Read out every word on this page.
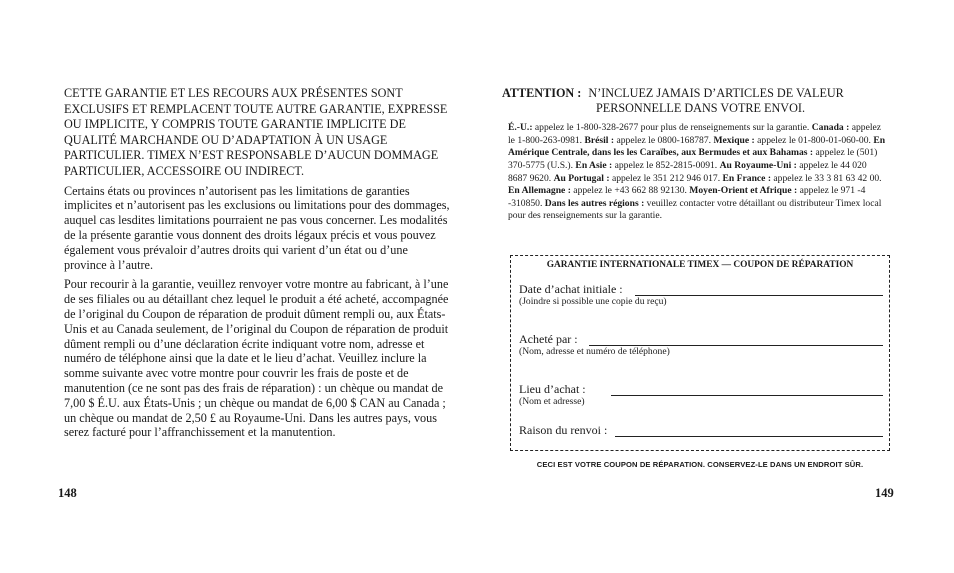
CETTE GARANTIE ET LES RECOURS AUX PRÉSENTES SONT EXCLUSIFS ET REMPLACENT TOUTE AUTRE GARANTIE, EXPRESSE OU IMPLICITE, Y COMPRIS TOUTE GARANTIE IMPLICITE DE QUALITÉ MARCHANDE OU D’ADAPTATION À UN USAGE PARTICULIER. TIMEX N’EST RESPONSABLE D’AUCUN DOMMAGE PARTICULIER, ACCESSOIRE OU INDIRECT.

Certains états ou provinces n’autorisent pas les limitations de garanties implicites et n’autorisent pas les exclusions ou limitations pour des dommages, auquel cas lesdites limitations pourraient ne pas vous concerner. Les modalités de la présente garantie vous donnent des droits légaux précis et vous pouvez également vous prévaloir d’autres droits qui varient d’un état ou d’une province à l’autre.

Pour recourir à la garantie, veuillez renvoyer votre montre au fabricant, à l’une de ses filiales ou au détaillant chez lequel le produit a été acheté, accompagnée de l’original du Coupon de réparation de produit dûment rempli ou, aux États-Unis et au Canada seulement, de l’original du Coupon de réparation de produit dûment rempli ou d’une déclaration écrite indiquant votre nom, adresse et numéro de téléphone ainsi que la date et le lieu d’achat. Veuillez inclure la somme suivante avec votre montre pour couvrir les frais de poste et de manutention (ce ne sont pas des frais de réparation) : un chèque ou mandat de 7,00 $ É.U. aux États-Unis ; un chèque ou mandat de 6,00 $ CAN au Canada ; un chèque ou mandat de 2,50 £ au Royaume-Uni. Dans les autres pays, vous serez facturé pour l’affranchissement et la manutention.

148
ATTENTION : N’INCLUEZ JAMAIS D’ARTICLES DE VALEUR
PERSONNELLE DANS VOTRE ENVOI.
É.-U.: appelez le 1-800-328-2677 pour plus de renseignements sur la garantie. Canada : appelez le 1-800-263-0981. Brésil : appelez le 0800-168787. Mexique : appelez le 01-800-01-060-00. En Amérique Centrale, dans les les Caraïbes, aux Bermudes et aux Bahamas : appelez le (501) 370-5775 (U.S.). En Asie : appelez le 852-2815-0091. Au Royaume-Uni : appelez le 44 020 8687 9620. Au Portugal : appelez le 351 212 946 017. En France : appelez le 33 3 81 63 42 00. En Allemagne : appelez le +43 662 88 92130. Moyen-Orient et Afrique : appelez le 971 -4 -310850. Dans les autres régions : veuillez contacter votre détaillant ou distributeur Timex local pour des renseignements sur la garantie.
GARANTIE INTERNATIONALE TIMEX — COUPON DE RÉPARATION
Date d’achat initiale :
(Joindre si possible une copie du reçu)
Acheté par :
(Nom, adresse et numéro de téléphone)
Lieu d’achat :
(Nom et adresse)
Raison du renvoi :
CECI EST VOTRE COUPON DE RÉPARATION. CONSERVEZ-LE DANS UN ENDROIT SÛR.
149
